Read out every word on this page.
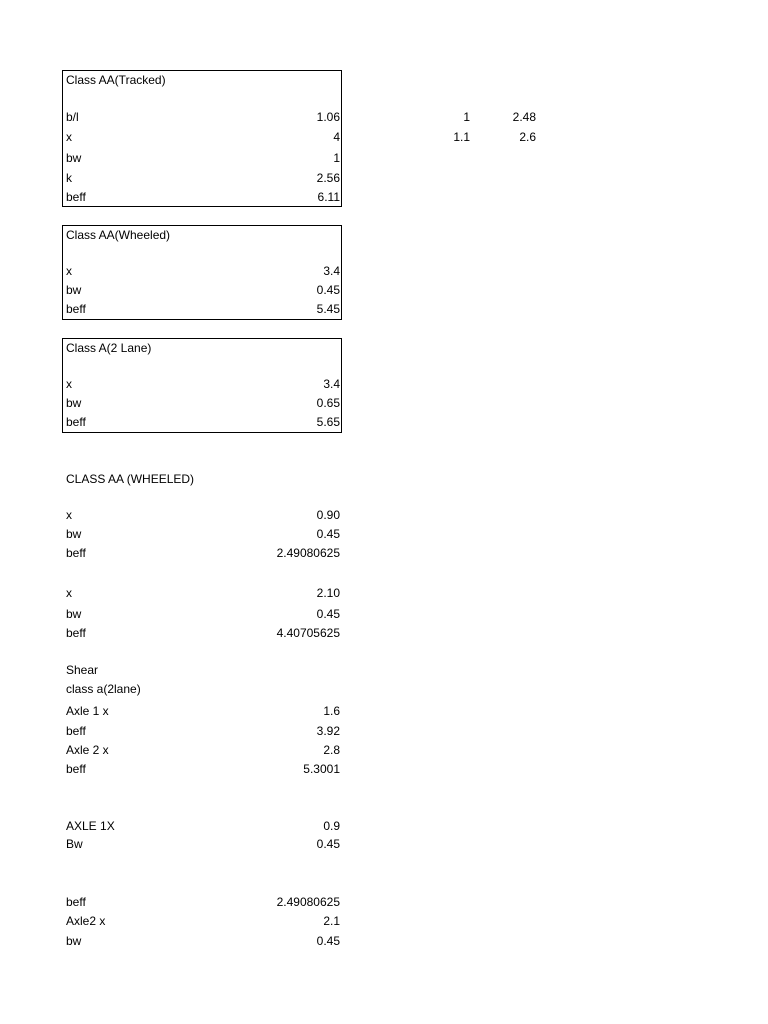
Class AA(Tracked)
b/l	1.06
x	4
bw	1
k	2.56
beff	6.11
1	2.48
1.1	2.6
Class AA(Wheeled)
x	3.4
bw	0.45
beff	5.45
Class A(2 Lane)
x	3.4
bw	0.65
beff	5.65
CLASS AA (WHEELED)
x	0.90
bw	0.45
beff	2.49080625
x	2.10
bw	0.45
beff	4.40705625
Shear
class a(2lane)
Axle 1 x	1.6
beff	3.92
Axle 2 x	2.8
beff	5.3001
AXLE 1X	0.9
Bw	0.45
beff	2.49080625
Axle2 x	2.1
bw	0.45
